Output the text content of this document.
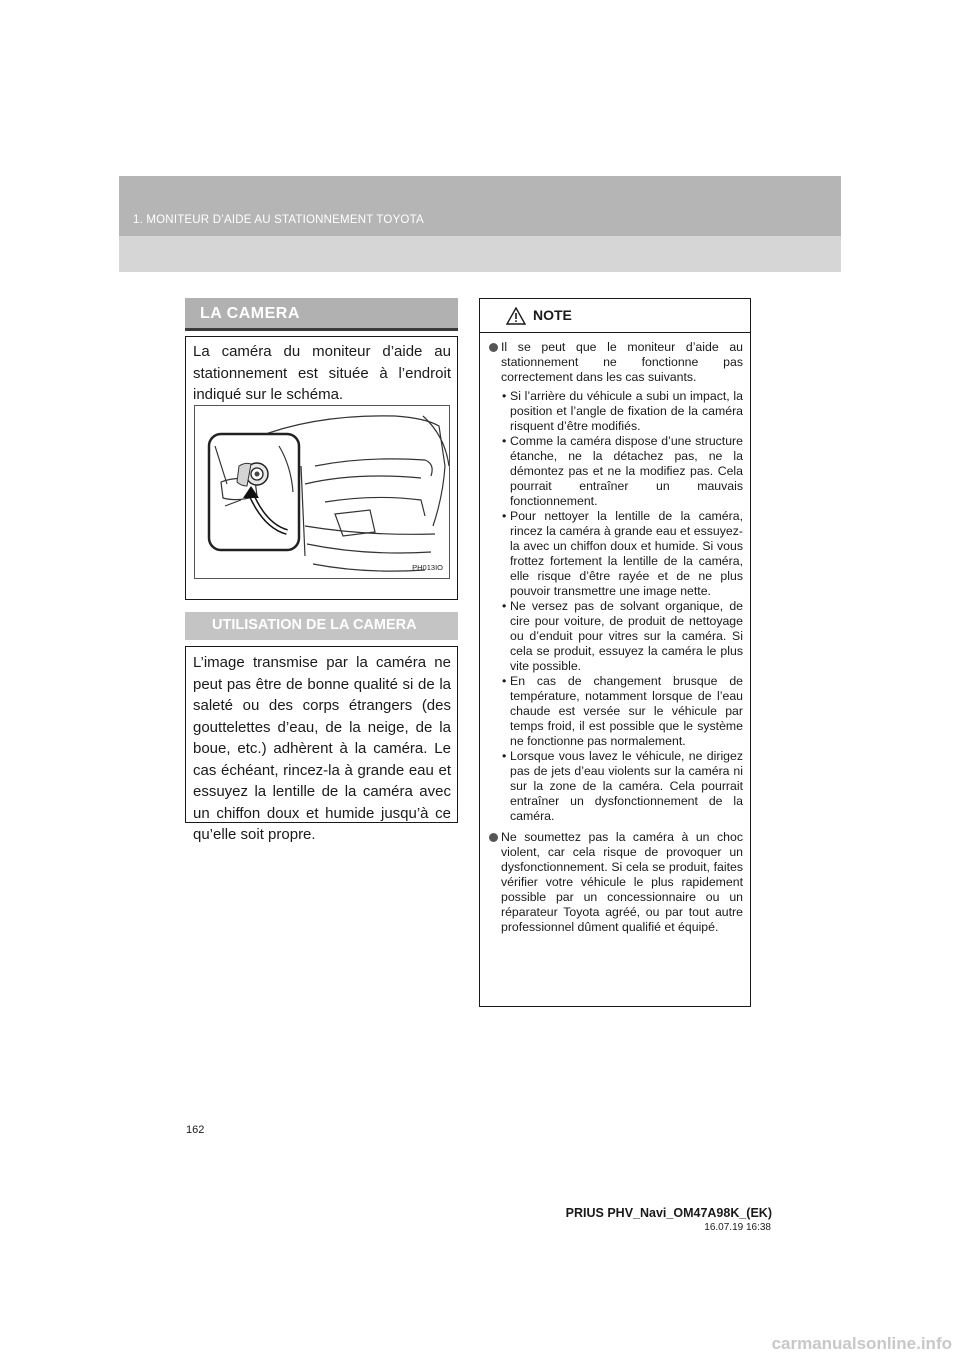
1. MONITEUR D’AIDE AU STATIONNEMENT TOYOTA
LA CAMERA
La caméra du moniteur d’aide au stationnement est située à l’endroit indiqué sur le schéma.
PH013IO
UTILISATION DE LA CAMERA
L’image transmise par la caméra ne peut pas être de bonne qualité si de la saleté ou des corps étrangers (des gouttelettes d’eau, de la neige, de la boue, etc.) adhèrent à la caméra. Le cas échéant, rincez-la à grande eau et essuyez la lentille de la caméra avec un chiffon doux et humide jusqu’à ce qu’elle soit propre.
NOTE
Il se peut que le moniteur d’aide au stationnement ne fonctionne pas correctement dans les cas suivants.
• Si l’arrière du véhicule a subi un impact, la position et l’angle de fixation de la caméra risquent d’être modifiés.
• Comme la caméra dispose d’une structure étanche, ne la détachez pas, ne la démontez pas et ne la modifiez pas. Cela pourrait entraîner un mauvais fonctionnement.
• Pour nettoyer la lentille de la caméra, rincez la caméra à grande eau et essuyez-la avec un chiffon doux et humide. Si vous frottez fortement la lentille de la caméra, elle risque d’être rayée et de ne plus pouvoir transmettre une image nette.
• Ne versez pas de solvant organique, de cire pour voiture, de produit de nettoyage ou d’enduit pour vitres sur la caméra. Si cela se produit, essuyez la caméra le plus vite possible.
• En cas de changement brusque de température, notamment lorsque de l’eau chaude est versée sur le véhicule par temps froid, il est possible que le système ne fonctionne pas normalement.
• Lorsque vous lavez le véhicule, ne dirigez pas de jets d’eau violents sur la caméra ni sur la zone de la caméra. Cela pourrait entraîner un dysfonctionnement de la caméra.
Ne soumettez pas la caméra à un choc violent, car cela risque de provoquer un dysfonctionnement. Si cela se produit, faites vérifier votre véhicule le plus rapidement possible par un concessionnaire ou un réparateur Toyota agréé, ou par tout autre professionnel dûment qualifié et équipé.
162
PRIUS PHV_Navi_OM47A98K_(EK)
16.07.19 16:38
carmanualsonline.info
